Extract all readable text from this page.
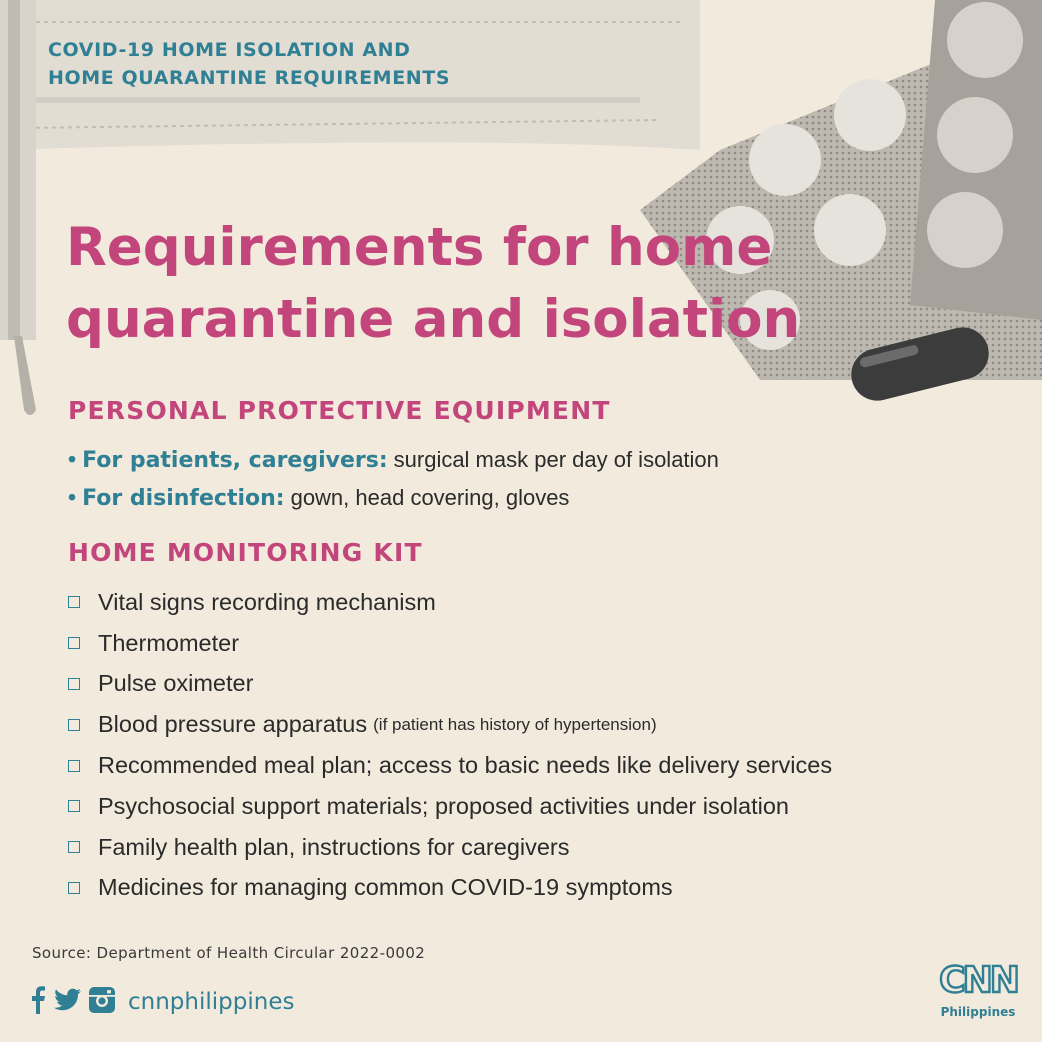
COVID-19 HOME ISOLATION AND
HOME QUARANTINE REQUIREMENTS
Requirements for home
quarantine and isolation
PERSONAL PROTECTIVE EQUIPMENT
• For patients, caregivers: surgical mask per day of isolation
• For disinfection: gown, head covering, gloves
HOME MONITORING KIT
Vital signs recording mechanism
Thermometer
Pulse oximeter
Blood pressure apparatus (if patient has history of hypertension)
Recommended meal plan; access to basic needs like delivery services
Psychosocial support materials; proposed activities under isolation
Family health plan, instructions for caregivers
Medicines for managing common COVID-19 symptoms
Source: Department of Health Circular 2022-0002
cnnphilippines
CNN
Philippines
